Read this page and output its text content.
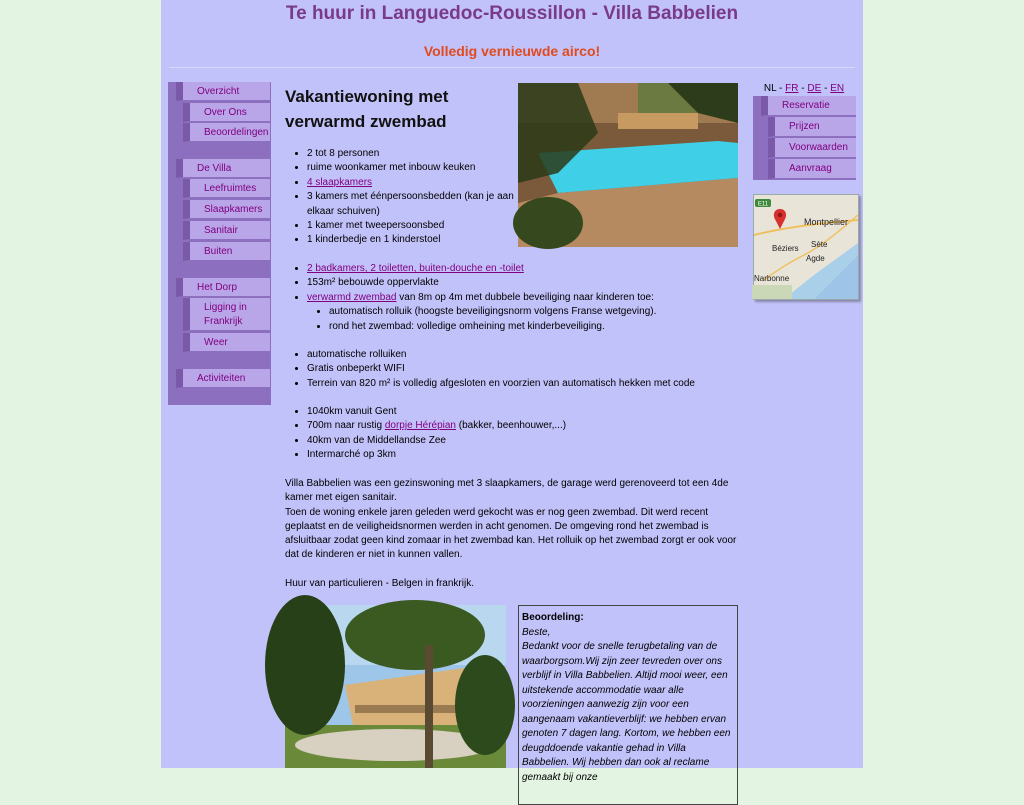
Te huur in Languedoc-Roussillon - Villa Babbelien
Volledig vernieuwde airco!
Overzicht
Over Ons
Beoordelingen
De Villa
Leefruimtes
Slaapkamers
Sanitair
Buiten
Het Dorp
Ligging in Frankrijk
Weer
Activiteiten
Vakantiewoning met verwarmd zwembad
• 2 tot 8 personen
• ruime woonkamer met inbouw keuken
• 4 slaapkamers
• 3 kamers met éénpersoonsbedden (kan je aan elkaar schuiven)
• 1 kamer met tweepersoonsbed
• 1 kinderbedje en 1 kinderstoel
• 2 badkamers, 2 toiletten, buiten-douche en -toilet
• 153m² bebouwde oppervlakte
• verwarmd zwembad van 8m op 4m met dubbele beveiliging naar kinderen toe:
• automatisch rolluik (hoogste beveiligingsnorm volgens Franse wetgeving).
• rond het zwembad: volledige omheining met kinderbeveiliging.
• automatische rolluiken
• Gratis onbeperkt WIFI
• Terrein van 820 m² is volledig afgesloten en voorzien van automatisch hekken met code
• 1040km vanuit Gent
• 700m naar rustig dorpje Hérépian (bakker, beenhouwer,...)
• 40km van de Middellandse Zee
• Intermarché op 3km
Villa Babbelien was een gezinswoning met 3 slaapkamers, de garage werd gerenoveerd tot een 4de kamer met eigen sanitair.
Toen de woning enkele jaren geleden werd gekocht was er nog geen zwembad. Dit werd recent geplaatst en de veiligheidsnormen werden in acht genomen. De omgeving rond het zwembad is afsluitbaar zodat geen kind zomaar in het zwembad kan. Het rolluik op het zwembad zorgt er ook voor dat de kinderen er niet in kunnen vallen.
Huur van particulieren - Belgen in frankrijk.
Beoordeling:
Beste,
Bedankt voor de snelle terugbetaling van de waarborgsom.Wij zijn zeer tevreden over ons verblijf in Villa Babbelien. Altijd mooi weer, een uitstekende accommodatie waar alle voorzieningen aanwezig zijn voor een aangenaam vakantieverblijf: we hebben ervan genoten 7 dagen lang. Kortom, we hebben een deugddoende vakantie gehad in Villa Babbelien. Wij hebben dan ook al reclame gemaakt bij onze
NL - FR - DE - EN
Reservatie
Prijzen
Voorwaarden
Aanvraag
E11
Montpellier
Sète
Béziers
Agde
Narbonne
